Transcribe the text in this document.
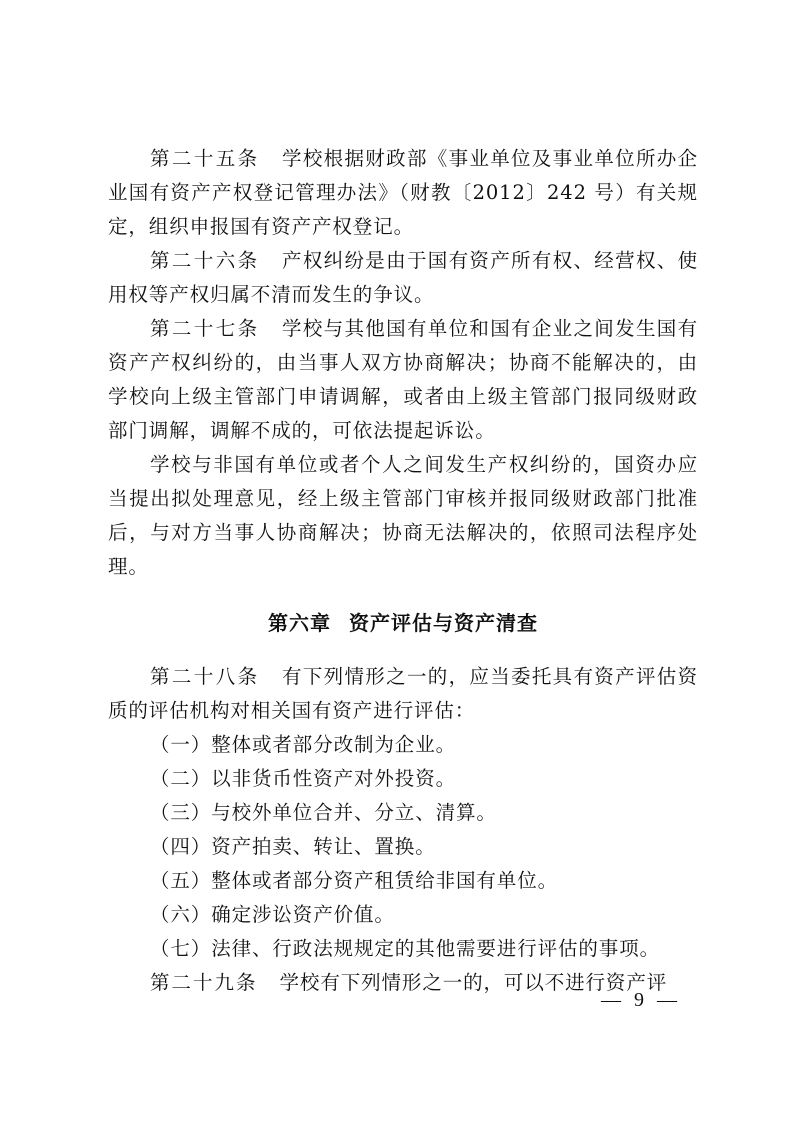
第二十五条 学校根据财政部《事业单位及事业单位所办企业国有资产产权登记管理办法》（财教〔2012〕242 号）有关规定，组织申报国有资产产权登记。

第二十六条 产权纠纷是由于国有资产所有权、经营权、使用权等产权归属不清而发生的争议。

第二十七条 学校与其他国有单位和国有企业之间发生国有资产产权纠纷的，由当事人双方协商解决；协商不能解决的，由学校向上级主管部门申请调解，或者由上级主管部门报同级财政部门调解，调解不成的，可依法提起诉讼。

学校与非国有单位或者个人之间发生产权纠纷的，国资办应当提出拟处理意见，经上级主管部门审核并报同级财政部门批准后，与对方当事人协商解决；协商无法解决的，依照司法程序处理。

第六章 资产评估与资产清查

第二十八条 有下列情形之一的，应当委托具有资产评估资质的评估机构对相关国有资产进行评估：

（一）整体或者部分改制为企业。

（二）以非货币性资产对外投资。

（三）与校外单位合并、分立、清算。

（四）资产拍卖、转让、置换。

（五）整体或者部分资产租赁给非国有单位。

（六）确定涉讼资产价值。

（七）法律、行政法规规定的其他需要进行评估的事项。

第二十九条 学校有下列情形之一的，可以不进行资产评

— 9 —
